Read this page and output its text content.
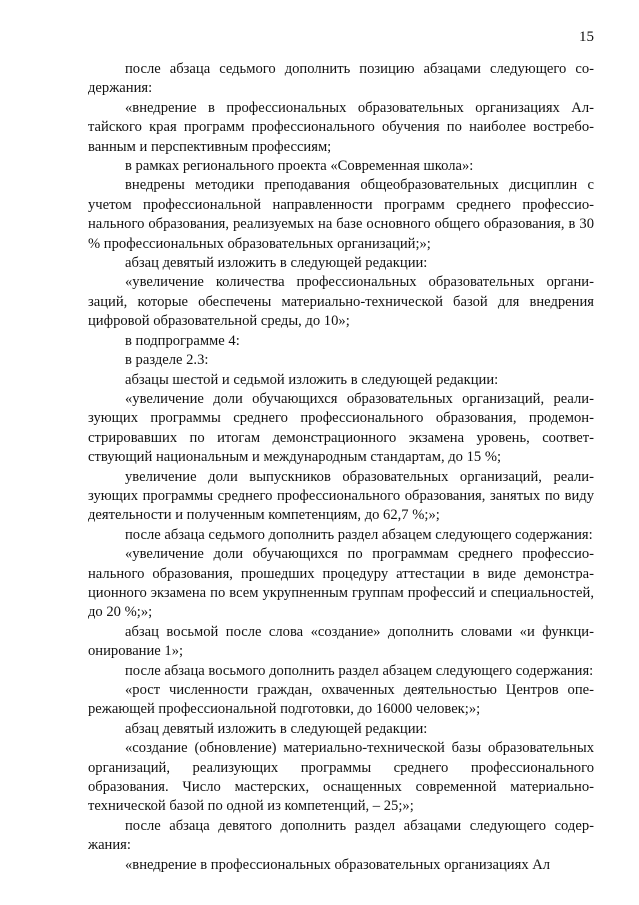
15

после абзаца седьмого дополнить позицию абзацами следующего содержания:

«внедрение в профессиональных образовательных организациях Алтайского края программ профессионального обучения по наиболее востребованным и перспективным профессиям;

в рамках регионального проекта «Современная школа»:

внедрены методики преподавания общеобразовательных дисциплин с учетом профессиональной направленности программ среднего профессионального образования, реализуемых на базе основного общего образования, в 30 % профессиональных образовательных организаций;»;

абзац девятый изложить в следующей редакции:

«увеличение количества профессиональных образовательных организаций, которые обеспечены материально-технической базой для внедрения цифровой образовательной среды, до 10»;

в подпрограмме 4:

в разделе 2.3:

абзацы шестой и седьмой изложить в следующей редакции:

«увеличение доли обучающихся образовательных организаций, реализующих программы среднего профессионального образования, продемонстрировавших по итогам демонстрационного экзамена уровень, соответствующий национальным и международным стандартам, до 15 %;

увеличение доли выпускников образовательных организаций, реализующих программы среднего профессионального образования, занятых по виду деятельности и полученным компетенциям, до 62,7 %;»;

после абзаца седьмого дополнить раздел абзацем следующего содержания:

«увеличение доли обучающихся по программам среднего профессионального образования, прошедших процедуру аттестации в виде демонстрационного экзамена по всем укрупненным группам профессий и специальностей, до 20 %;»;

абзац восьмой после слова «создание» дополнить словами «и функционирование 1»;

после абзаца восьмого дополнить раздел абзацем следующего содержания:

«рост численности граждан, охваченных деятельностью Центров опережающей профессиональной подготовки, до 16000 человек;»;

абзац девятый изложить в следующей редакции:

«создание (обновление) материально-технической базы образовательных организаций, реализующих программы среднего профессионального образования. Число мастерских, оснащенных современной материально-технической базой по одной из компетенций, – 25;»;

после абзаца девятого дополнить раздел абзацами следующего содержания:

«внедрение в профессиональных образовательных организациях Ал
